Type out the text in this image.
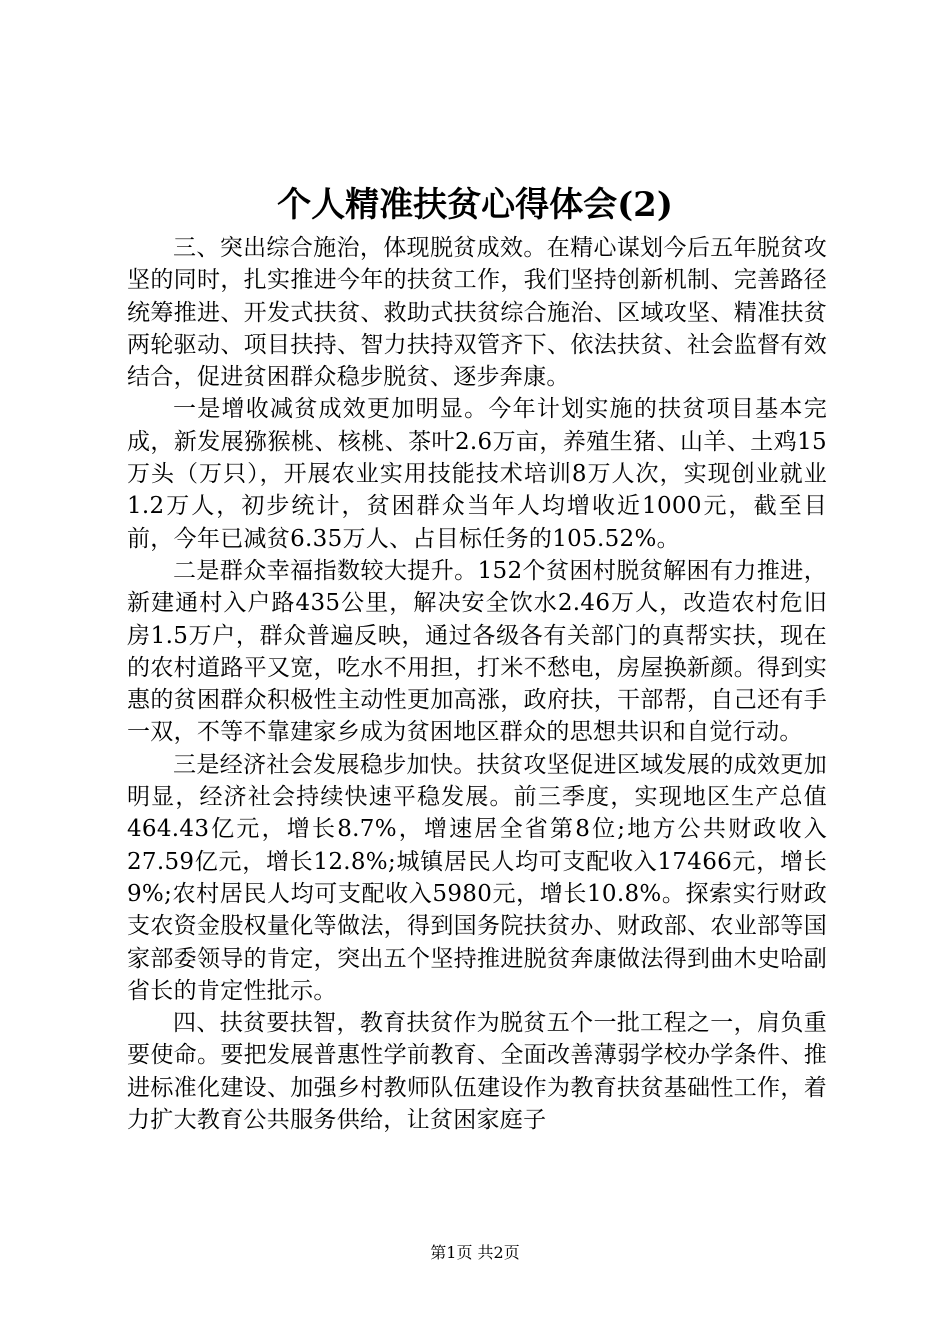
个人精准扶贫心得体会(2)

三、突出综合施治，体现脱贫成效。在精心谋划今后五年脱贫攻坚的同时，扎实推进今年的扶贫工作，我们坚持创新机制、完善路径统筹推进、开发式扶贫、救助式扶贫综合施治、区域攻坚、精准扶贫两轮驱动、项目扶持、智力扶持双管齐下、依法扶贫、社会监督有效结合，促进贫困群众稳步脱贫、逐步奔康。

一是增收减贫成效更加明显。今年计划实施的扶贫项目基本完成，新发展猕猴桃、核桃、茶叶2.6万亩，养殖生猪、山羊、土鸡15万头（万只），开展农业实用技能技术培训8万人次，实现创业就业1.2万人，初步统计，贫困群众当年人均增收近1000元，截至目前，今年已减贫6.35万人、占目标任务的105.52%。

二是群众幸福指数较大提升。152个贫困村脱贫解困有力推进，新建通村入户路435公里，解决安全饮水2.46万人，改造农村危旧房1.5万户，群众普遍反映，通过各级各有关部门的真帮实扶，现在的农村道路平又宽，吃水不用担，打米不愁电，房屋换新颜。得到实惠的贫困群众积极性主动性更加高涨，政府扶，干部帮，自己还有手一双，不等不靠建家乡成为贫困地区群众的思想共识和自觉行动。

三是经济社会发展稳步加快。扶贫攻坚促进区域发展的成效更加明显，经济社会持续快速平稳发展。前三季度，实现地区生产总值464.43亿元，增长8.7%，增速居全省第8位;地方公共财政收入27.59亿元，增长12.8%;城镇居民人均可支配收入17466元，增长9%;农村居民人均可支配收入5980元，增长10.8%。探索实行财政支农资金股权量化等做法，得到国务院扶贫办、财政部、农业部等国家部委领导的肯定，突出五个坚持推进脱贫奔康做法得到曲木史哈副省长的肯定性批示。

四、扶贫要扶智，教育扶贫作为脱贫五个一批工程之一，肩负重要使命。要把发展普惠性学前教育、全面改善薄弱学校办学条件、推进标准化建设、加强乡村教师队伍建设作为教育扶贫基础性工作，着力扩大教育公共服务供给，让贫困家庭子

第1页 共2页
